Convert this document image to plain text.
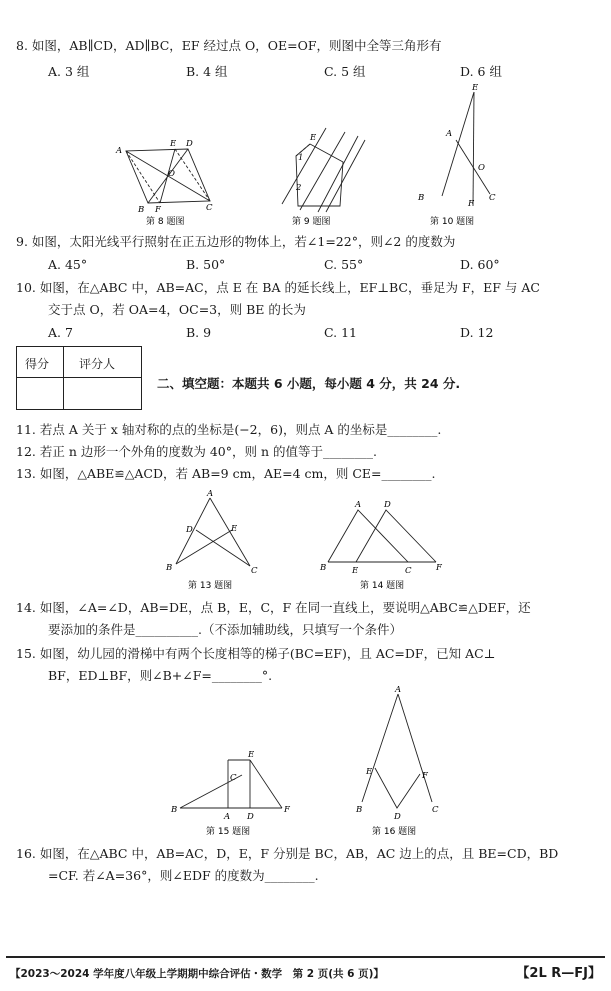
8. 如图，AB∥CD，AD∥BC，EF 经过点 O，OE=OF，则图中全等三角形有
A. 3 组	B. 4 组	C. 5 组	D. 6 组
A
E D
O
B F	C
第 8 题图
E
1
2
第 9 题图
E
A
O
B
F
C
第 10 题图
9. 如图，太阳光线平行照射在正五边形的物体上，若∠1=22°，则∠2 的度数为
A. 45°	B. 50°	C. 55°	D. 60°
10. 如图，在△ABC 中，AB=AC，点 E 在 BA 的延长线上，EF⊥BC，垂足为 F，EF 与 AC
交于点 O，若 OA=4，OC=3，则 BE 的长为
A. 7	B. 9	C. 11	D. 12
得分 评分人
二、填空题：本题共 6 小题，每小题 4 分，共 24 分.
11. 若点 A 关于 x 轴对称的点的坐标是(−2，6)，则点 A 的坐标是________.
12. 若正 n 边形一个外角的度数为 40°，则 n 的值等于________.
13. 如图，△ABE≌△ACD，若 AB=9 cm，AE=4 cm，则 CE=________.
A
D	E
B	C
第 13 题图
A	D
B	E	C	F
第 14 题图
14. 如图，∠A=∠D，AB=DE，点 B，E，C，F 在同一直线上，要说明△ABC≌△DEF，还
要添加的条件是__________.（不添加辅助线，只填写一个条件）
15. 如图，幼儿园的滑梯中有两个长度相等的梯子(BC=EF)，且 AC=DF，已知 AC⊥
BF，ED⊥BF，则∠B+∠F=________°.
E
C
B
A D
F
第 15 题图
A
E	F
B
D
C
第 16 题图
16. 如图，在△ABC 中，AB=AC，D，E，F 分别是 BC，AB，AC 边上的点，且 BE=CD，BD
=CF. 若∠A=36°，则∠EDF 的度数为________.
【2023～2024 学年度八年级上学期期中综合评估・数学　第 2 页(共 6 页)】	【2L R—FJ】
